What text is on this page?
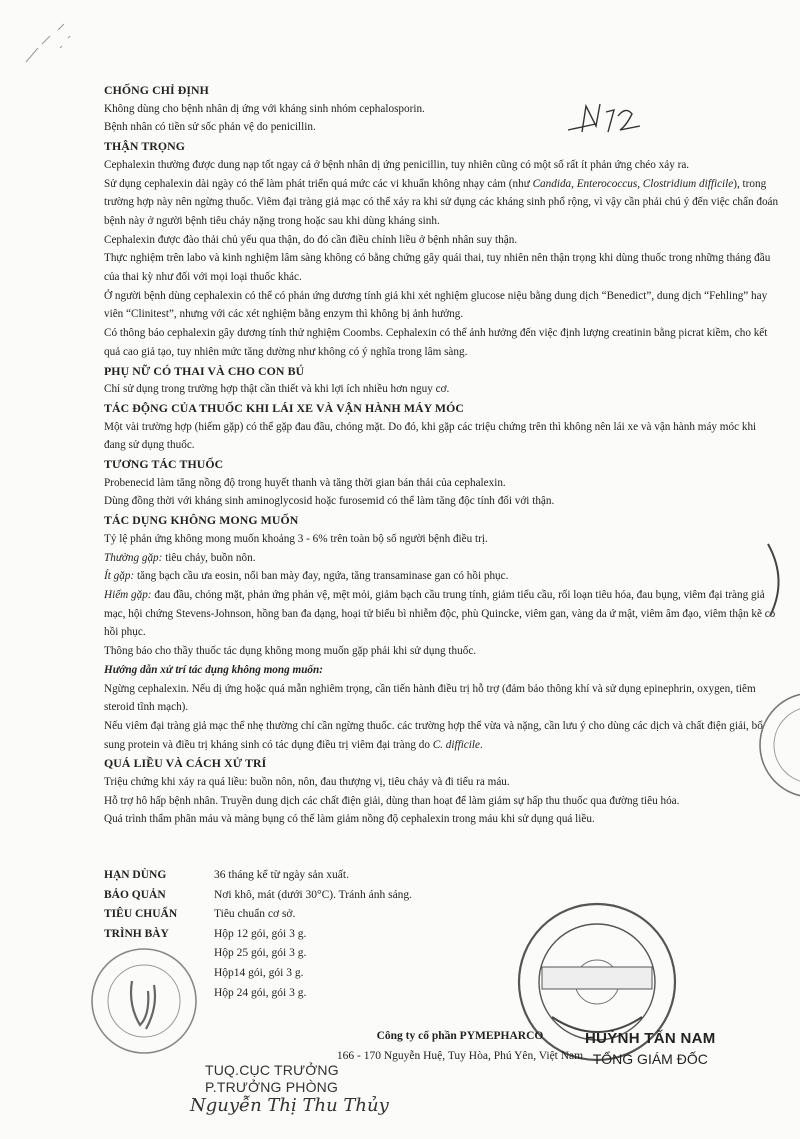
CHỐNG CHỈ ĐỊNH
Không dùng cho bệnh nhân dị ứng với kháng sinh nhóm cephalosporin.
Bệnh nhân có tiền sử sốc phản vệ do penicillin.
THẬN TRỌNG
Cephalexin thường được dung nạp tốt ngay cả ở bệnh nhân dị ứng penicillin, tuy nhiên cũng có một số rất ít phản ứng chéo xảy ra.
Sử dụng cephalexin dài ngày có thể làm phát triển quá mức các vi khuẩn không nhạy cảm (như Candida, Enterococcus, Clostridium difficile), trong trường hợp này nên ngừng thuốc. Viêm đại tràng giả mạc có thể xảy ra khi sử dụng các kháng sinh phổ rộng, vì vậy cần phải chú ý đến việc chẩn đoán bệnh này ở người bệnh tiêu chảy nặng trong hoặc sau khi dùng kháng sinh.
Cephalexin được đào thải chủ yếu qua thận, do đó cần điều chỉnh liều ở bệnh nhân suy thận.
Thực nghiệm trên labo và kinh nghiệm lâm sàng không có bằng chứng gây quái thai, tuy nhiên nên thận trọng khi dùng thuốc trong những tháng đầu của thai kỳ như đối với mọi loại thuốc khác.
Ở người bệnh dùng cephalexin có thể có phản ứng dương tính giả khi xét nghiệm glucose niệu bằng dung dịch “Benedict”, dung dịch “Fehling” hay viên “Clinitest”, nhưng với các xét nghiệm bằng enzym thì không bị ảnh hưởng.
Có thông báo cephalexin gây dương tính thử nghiệm Coombs. Cephalexin có thể ảnh hưởng đến việc định lượng creatinin bằng picrat kiềm, cho kết quả cao giả tạo, tuy nhiên mức tăng dường như không có ý nghĩa trong lâm sàng.
PHỤ NỮ CÓ THAI VÀ CHO CON BÚ
Chỉ sử dụng trong trường hợp thật cần thiết và khi lợi ích nhiều hơn nguy cơ.
TÁC ĐỘNG CỦA THUỐC KHI LÁI XE VÀ VẬN HÀNH MÁY MÓC
Một vài trường hợp (hiếm gặp) có thể gặp đau đầu, chóng mặt. Do đó, khi gặp các triệu chứng trên thì không nên lái xe và vận hành máy móc khi đang sử dụng thuốc.
TƯƠNG TÁC THUỐC
Probenecid làm tăng nồng độ trong huyết thanh và tăng thời gian bán thải của cephalexin.
Dùng đồng thời với kháng sinh aminoglycosid hoặc furosemid có thể làm tăng độc tính đối với thận.
TÁC DỤNG KHÔNG MONG MUỐN
Tỷ lệ phản ứng không mong muốn khoảng 3 - 6% trên toàn bộ số người bệnh điều trị.
Thường gặp: tiêu chảy, buồn nôn.
Ít gặp: tăng bạch cầu ưa eosin, nổi ban mày đay, ngứa, tăng transaminase gan có hồi phục.
Hiếm gặp: đau đầu, chóng mặt, phản ứng phản vệ, mệt mỏi, giảm bạch cầu trung tính, giảm tiểu cầu, rối loạn tiêu hóa, đau bụng, viêm đại tràng giả mạc, hội chứng Stevens-Johnson, hồng ban đa dạng, hoại tử biểu bì nhiễm độc, phù Quincke, viêm gan, vàng da ứ mật, viêm âm đạo, viêm thận kẽ có hồi phục.
Thông báo cho thầy thuốc tác dụng không mong muốn gặp phải khi sử dụng thuốc.
Hướng dẫn xử trí tác dụng không mong muốn:
Ngừng cephalexin. Nếu dị ứng hoặc quá mẫn nghiêm trọng, cần tiến hành điều trị hỗ trợ (đảm bảo thông khí và sử dụng epinephrin, oxygen, tiêm steroid tĩnh mạch).
Nếu viêm đại tràng giả mạc thể nhẹ thường chỉ cần ngừng thuốc. các trường hợp thể vừa và nặng, cần lưu ý cho dùng các dịch và chất điện giải, bổ sung protein và điều trị kháng sinh có tác dụng điều trị viêm đại tràng do C. difficile.
QUÁ LIỀU VÀ CÁCH XỬ TRÍ
Triệu chứng khi xảy ra quá liều: buồn nôn, nôn, đau thượng vị, tiêu chảy và đi tiểu ra máu.
Hỗ trợ hô hấp bệnh nhân. Truyền dung dịch các chất điện giải, dùng than hoạt để làm giảm sự hấp thu thuốc qua đường tiêu hóa.
Quá trình thẩm phân máu và màng bụng có thể làm giảm nồng độ cephalexin trong máu khi sử dụng quá liều.
HẠN DÙNG	36 tháng kể từ ngày sản xuất.
BẢO QUẢN	Nơi khô, mát (dưới 30°C). Tránh ánh sáng.
TIÊU CHUẨN	Tiêu chuẩn cơ sở.
TRÌNH BÀY	Hộp 12 gói, gói 3 g.
Hộp 25 gói, gói 3 g.
Hộp14 gói, gói 3 g.
Hộp 24 gói, gói 3 g.
Công ty cổ phần PYMEPHARCO
166 - 170 Nguyễn Huệ, Tuy Hòa, Phú Yên, Việt Nam
HUỲNH TẤN NAM
TỔNG GIÁM ĐỐC
TUQ.CỤC TRƯỞNG
P.TRƯỞNG PHÒNG
Nguyễn Thị Thu Thủy
